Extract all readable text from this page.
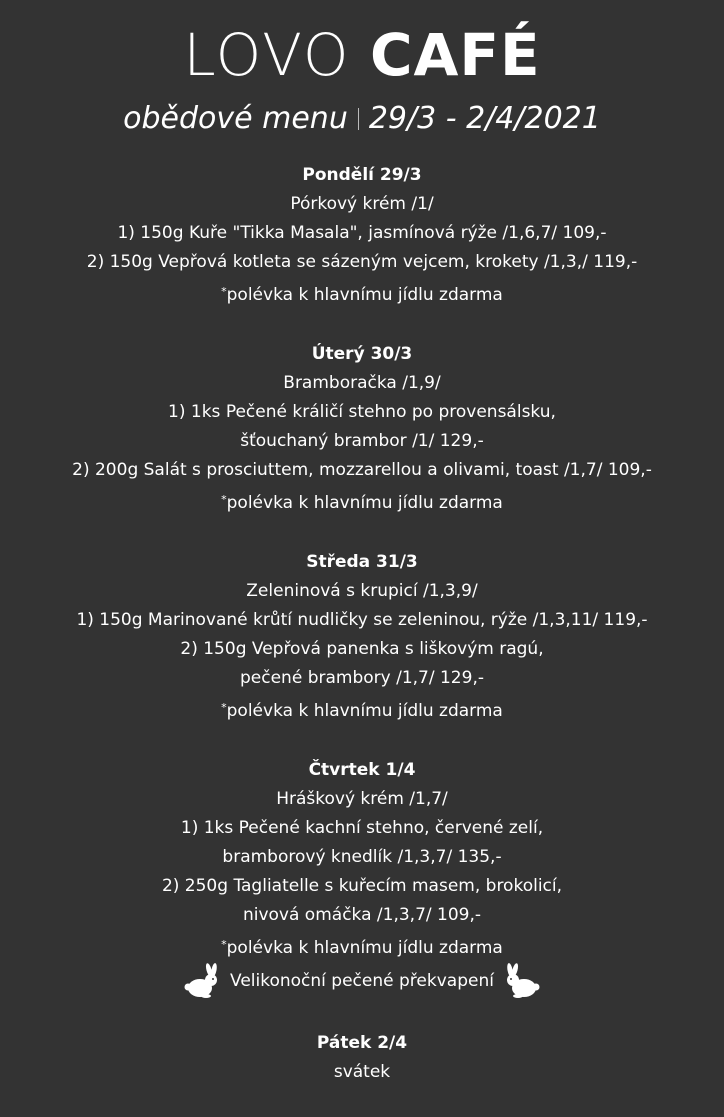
LOVO CAFÉ
obědové menu 29/3 - 2/4/2021
Pondělí 29/3
Pórkový krém /1/
1) 150g Kuře "Tikka Masala", jasmínová rýže /1,6,7/ 109,-
2) 150g Vepřová kotleta se sázeným vejcem, krokety /1,3,/ 119,-
*polévka k hlavnímu jídlu zdarma
Úterý 30/3
Bramboračka /1,9/
1) 1ks Pečené králičí stehno po provensálsku,
šťouchaný brambor /1/ 129,-
2) 200g Salát s prosciuttem, mozzarellou a olivami, toast /1,7/ 109,-
*polévka k hlavnímu jídlu zdarma
Středa 31/3
Zeleninová s krupicí /1,3,9/
1) 150g Marinované krůtí nudličky se zeleninou, rýže /1,3,11/ 119,-
2) 150g Vepřová panenka s liškovým ragú,
pečené brambory /1,7/ 129,-
*polévka k hlavnímu jídlu zdarma
Čtvrtek 1/4
Hráškový krém /1,7/
1) 1ks Pečené kachní stehno, červené zelí,
bramborový knedlík /1,3,7/ 135,-
2) 250g Tagliatelle s kuřecím masem, brokolicí,
nivová omáčka /1,3,7/ 109,-
*polévka k hlavnímu jídlu zdarma
Velikonoční pečené překvapení
Pátek 2/4
svátek
